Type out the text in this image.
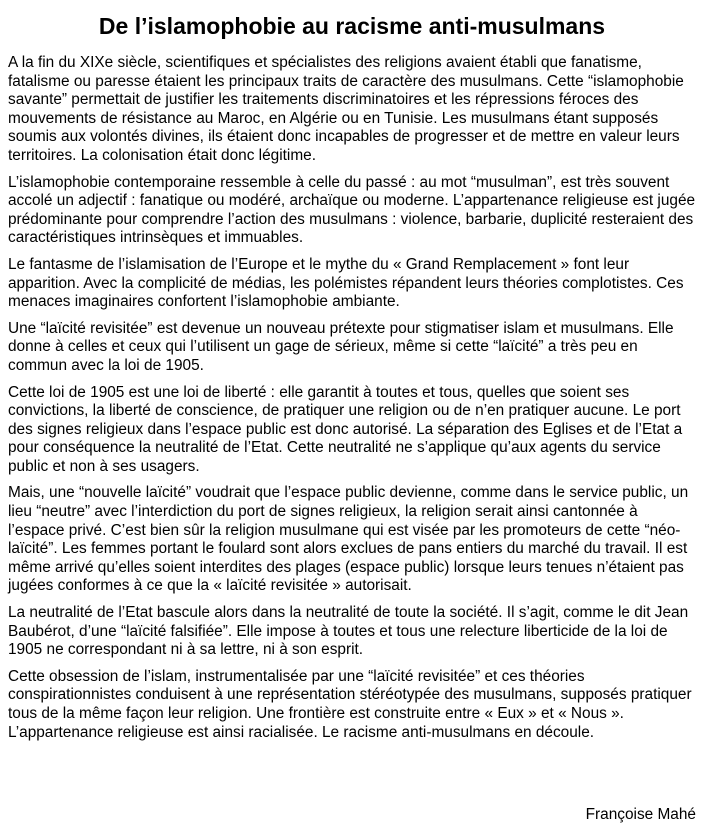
De l’islamophobie au racisme anti-musulmans

A la fin du XIXe siècle, scientifiques et spécialistes des religions avaient établi que fanatisme, fatalisme ou paresse étaient les principaux traits de caractère des musulmans. Cette “islamophobie savante” permettait de justifier les traitements discriminatoires et les répressions féroces des mouvements de résistance au Maroc, en Algérie ou en Tunisie. Les musulmans étant supposés soumis aux volontés divines, ils étaient donc incapables de progresser et de mettre en valeur leurs territoires. La colonisation était donc légitime.

L’islamophobie contemporaine ressemble à celle du passé : au mot “musulman”, est très souvent accolé un adjectif : fanatique ou modéré, archaïque ou moderne. L’appartenance religieuse est jugée prédominante pour comprendre l’action des musulmans : violence, barbarie, duplicité resteraient des caractéristiques intrinsèques et immuables.

Le fantasme de l’islamisation de l’Europe et le mythe du « Grand Remplacement » font leur apparition. Avec la complicité de médias, les polémistes répandent leurs théories complotistes. Ces menaces imaginaires confortent l’islamophobie ambiante.

Une “laïcité revisitée” est devenue un nouveau prétexte pour stigmatiser islam et musulmans. Elle donne à celles et ceux qui l’utilisent un gage de sérieux, même si cette “laïcité” a très peu en commun avec la loi de 1905.

Cette loi de 1905 est une loi de liberté : elle garantit à toutes et tous, quelles que soient ses convictions, la liberté de conscience, de pratiquer une religion ou de n’en pratiquer aucune. Le port des signes religieux dans l’espace public est donc autorisé. La séparation des Eglises et de l’Etat a pour conséquence la neutralité de l’Etat. Cette neutralité ne s’applique qu’aux agents du service public et non à ses usagers.

Mais, une “nouvelle laïcité” voudrait que l’espace public devienne, comme dans le service public, un lieu “neutre” avec l’interdiction du port de signes religieux, la religion serait ainsi cantonnée à l’espace privé. C’est bien sûr la religion musulmane qui est visée par les promoteurs de cette “néo-laïcité”. Les femmes portant le foulard sont alors exclues de pans entiers du marché du travail. Il est même arrivé qu’elles soient interdites des plages (espace public) lorsque leurs tenues n’étaient pas jugées conformes à ce que la « laïcité revisitée » autorisait.

La neutralité de l’Etat bascule alors dans la neutralité de toute la société. Il s’agit, comme le dit Jean Baubérot, d’une “laïcité falsifiée”. Elle impose à toutes et tous une relecture liberticide de la loi de 1905 ne correspondant ni à sa lettre, ni à son esprit.

Cette obsession de l’islam, instrumentalisée par une “laïcité revisitée” et ces théories conspirationnistes conduisent à une représentation stéréotypée des musulmans, supposés pratiquer tous de la même façon leur religion. Une frontière est construite entre « Eux » et « Nous ». L’appartenance religieuse est ainsi racialisée. Le racisme anti-musulmans en découle.

Françoise Mahé
